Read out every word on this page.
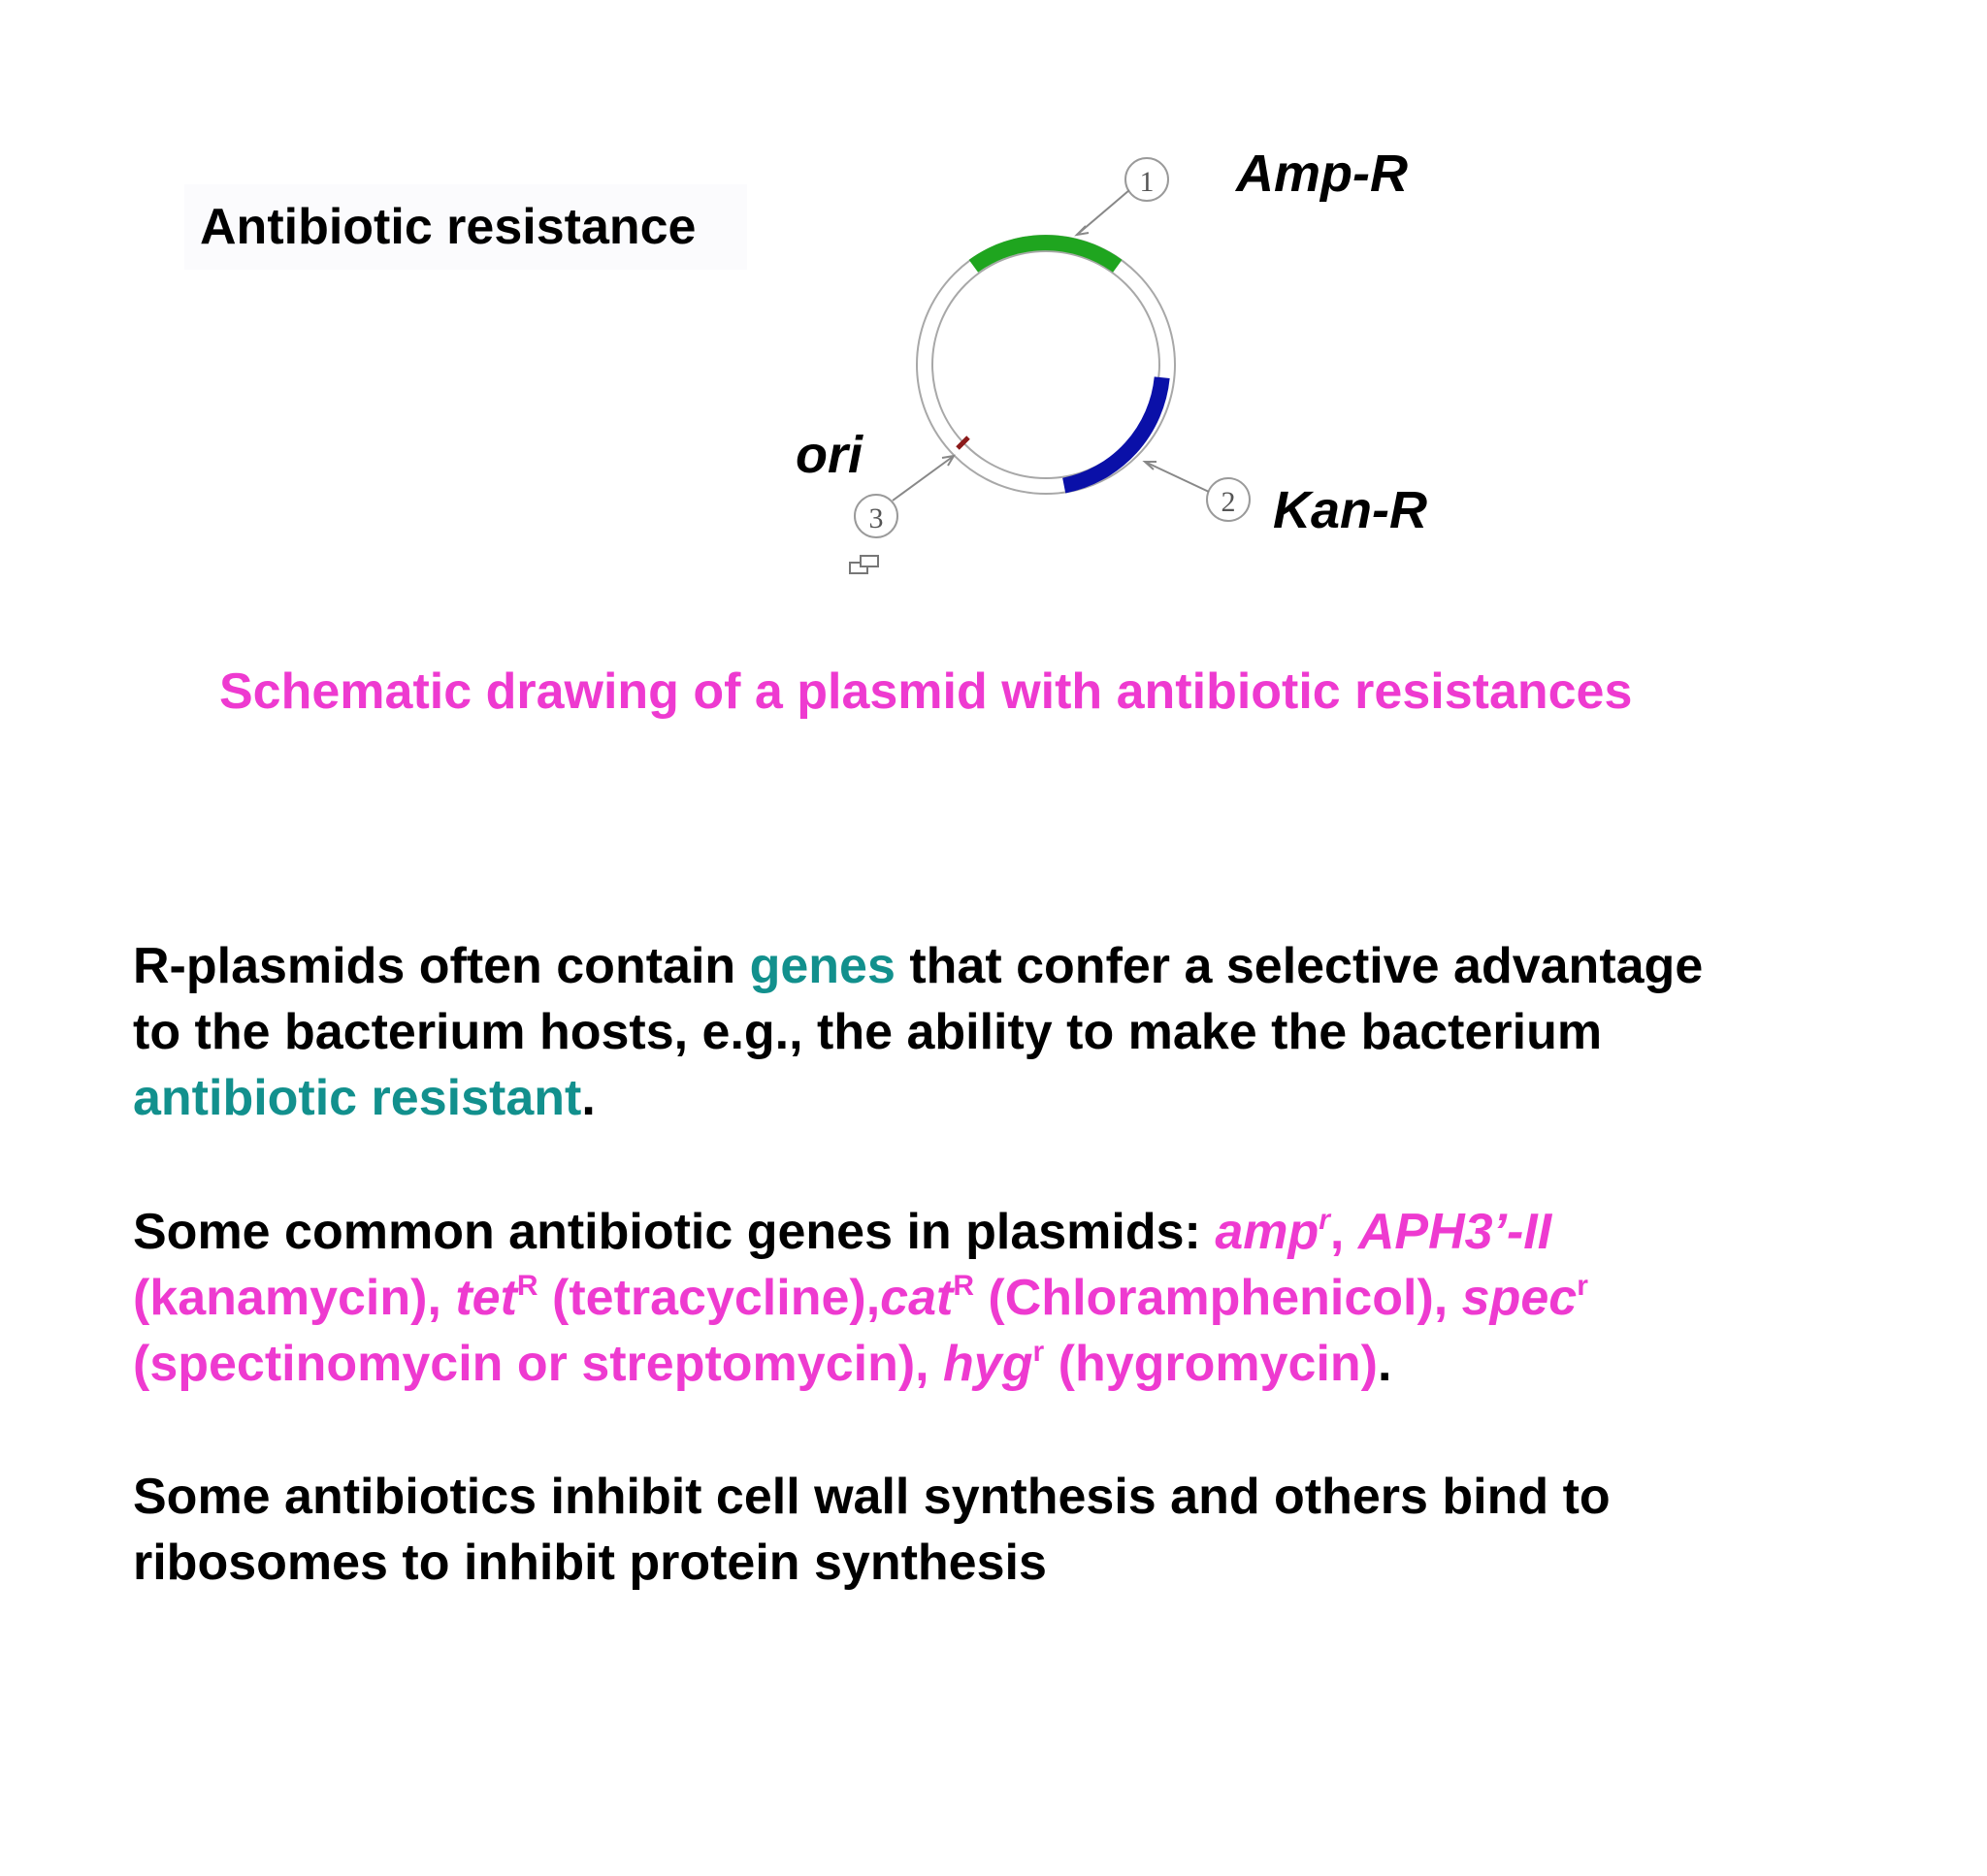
Antibiotic resistance
1
2
3
Amp-R
Kan-R
ori
Schematic drawing of a plasmid with antibiotic resistances

R-plasmids often contain genes that confer a selective advantage
to the bacterium hosts, e.g., the ability to make the bacterium
antibiotic resistant.

Some common antibiotic genes in plasmids: amp$^r$, APH3’-II
(kanamycin), tet$^R$ (tetracycline),cat$^R$ (Chloramphenicol), spec$^r$
(spectinomycin or streptomycin), hyg$^r$ (hygromycin).

Some antibiotics inhibit cell wall synthesis and others bind to
ribosomes to inhibit protein synthesis
